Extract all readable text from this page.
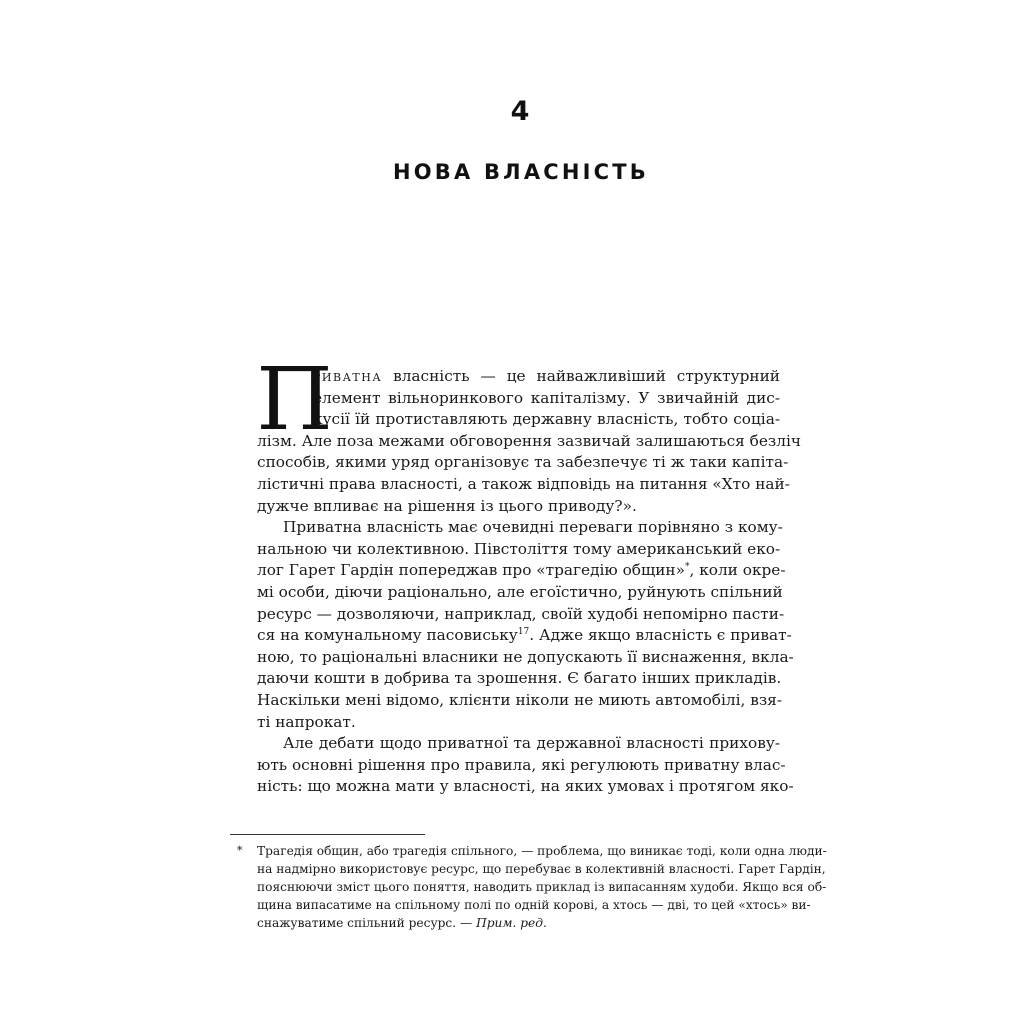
4
НОВА ВЛАСНІСТЬ
П
риватна власність — це найважливіший структурний
елемент вільноринкового капіталізму. У звичайній дис-
кусії їй протиставляють державну власність, тобто соціа-
лізм. Але поза межами обговорення зазвичай залишаються безліч
способів, якими уряд організовує та забезпечує ті ж таки капіта-
лістичні права власності, а також відповідь на питання «Хто най-
дужче впливає на рішення із цього приводу?».
Приватна власність має очевидні переваги порівняно з кому-
нальною чи колективною. Півстоліття тому американський еко-
лог Гарет Гардін попереджав про «трагедію общин»*, коли окре-
мі особи, діючи раціонально, але егоїстично, руйнують спільний
ресурс — дозволяючи, наприклад, своїй худобі непомірно пасти-
ся на комунальному пасовиську$^{17}$. Адже якщо власність є приват-
ною, то раціональні власники не допускають її виснаження, вкла-
даючи кошти в добрива та зрошення. Є багато інших прикладів.
Наскільки мені відомо, клієнти ніколи не миють автомобілі, взя-
ті напрокат.
Але дебати щодо приватної та державної власності прихову-
ють основні рішення про правила, які регулюють приватну влас-
ність: що можна мати у власності, на яких умовах і протягом яко-
* Трагедія общин, або трагедія спільного, — проблема, що виникає тоді, коли одна люди-
на надмірно використовує ресурс, що перебуває в колективній власності. Гарет Гардін,
пояснюючи зміст цього поняття, наводить приклад із випасанням худоби. Якщо вся об-
щина випасатиме на спільному полі по одній корові, а хтось — дві, то цей «хтось» ви-
снажуватиме спільний ресурс. — Прим. ред.
